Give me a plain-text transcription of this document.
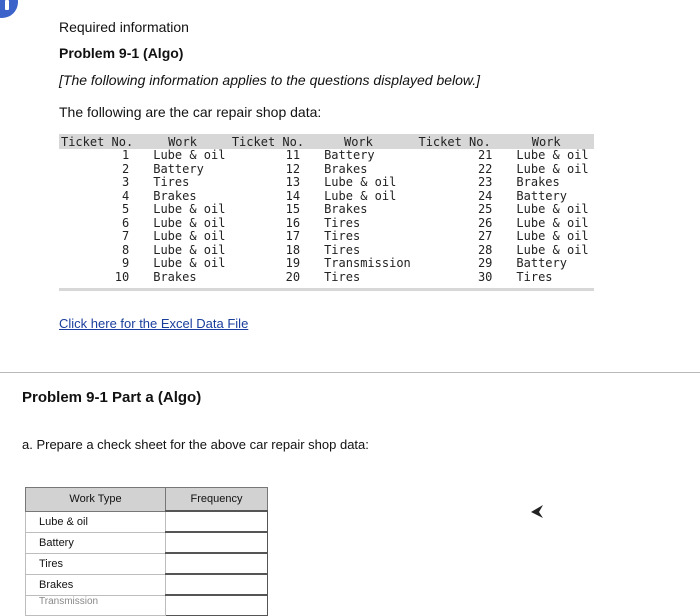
Required information
Problem 9-1 (Algo)
[The following information applies to the questions displayed below.]
The following are the car repair shop data:
Ticket No.	Work	Ticket No.	Work	Ticket No.	Work
1	Lube & oil	11	Battery	21	Lube & oil
2	Battery	12	Brakes	22	Lube & oil
3	Tires	13	Lube & oil	23	Brakes
4	Brakes	14	Lube & oil	24	Battery
5	Lube & oil	15	Brakes	25	Lube & oil
6	Lube & oil	16	Tires	26	Lube & oil
7	Lube & oil	17	Tires	27	Lube & oil
8	Lube & oil	18	Tires	28	Lube & oil
9	Lube & oil	19	Transmission	29	Battery
10	Brakes	20	Tires	30	Tires

Click here for the Excel Data File
Problem 9-1 Part a (Algo)
a. Prepare a check sheet for the above car repair shop data:
Work Type	Frequency
Lube & oil	
Battery	
Tires	
Brakes	
Transmission	
